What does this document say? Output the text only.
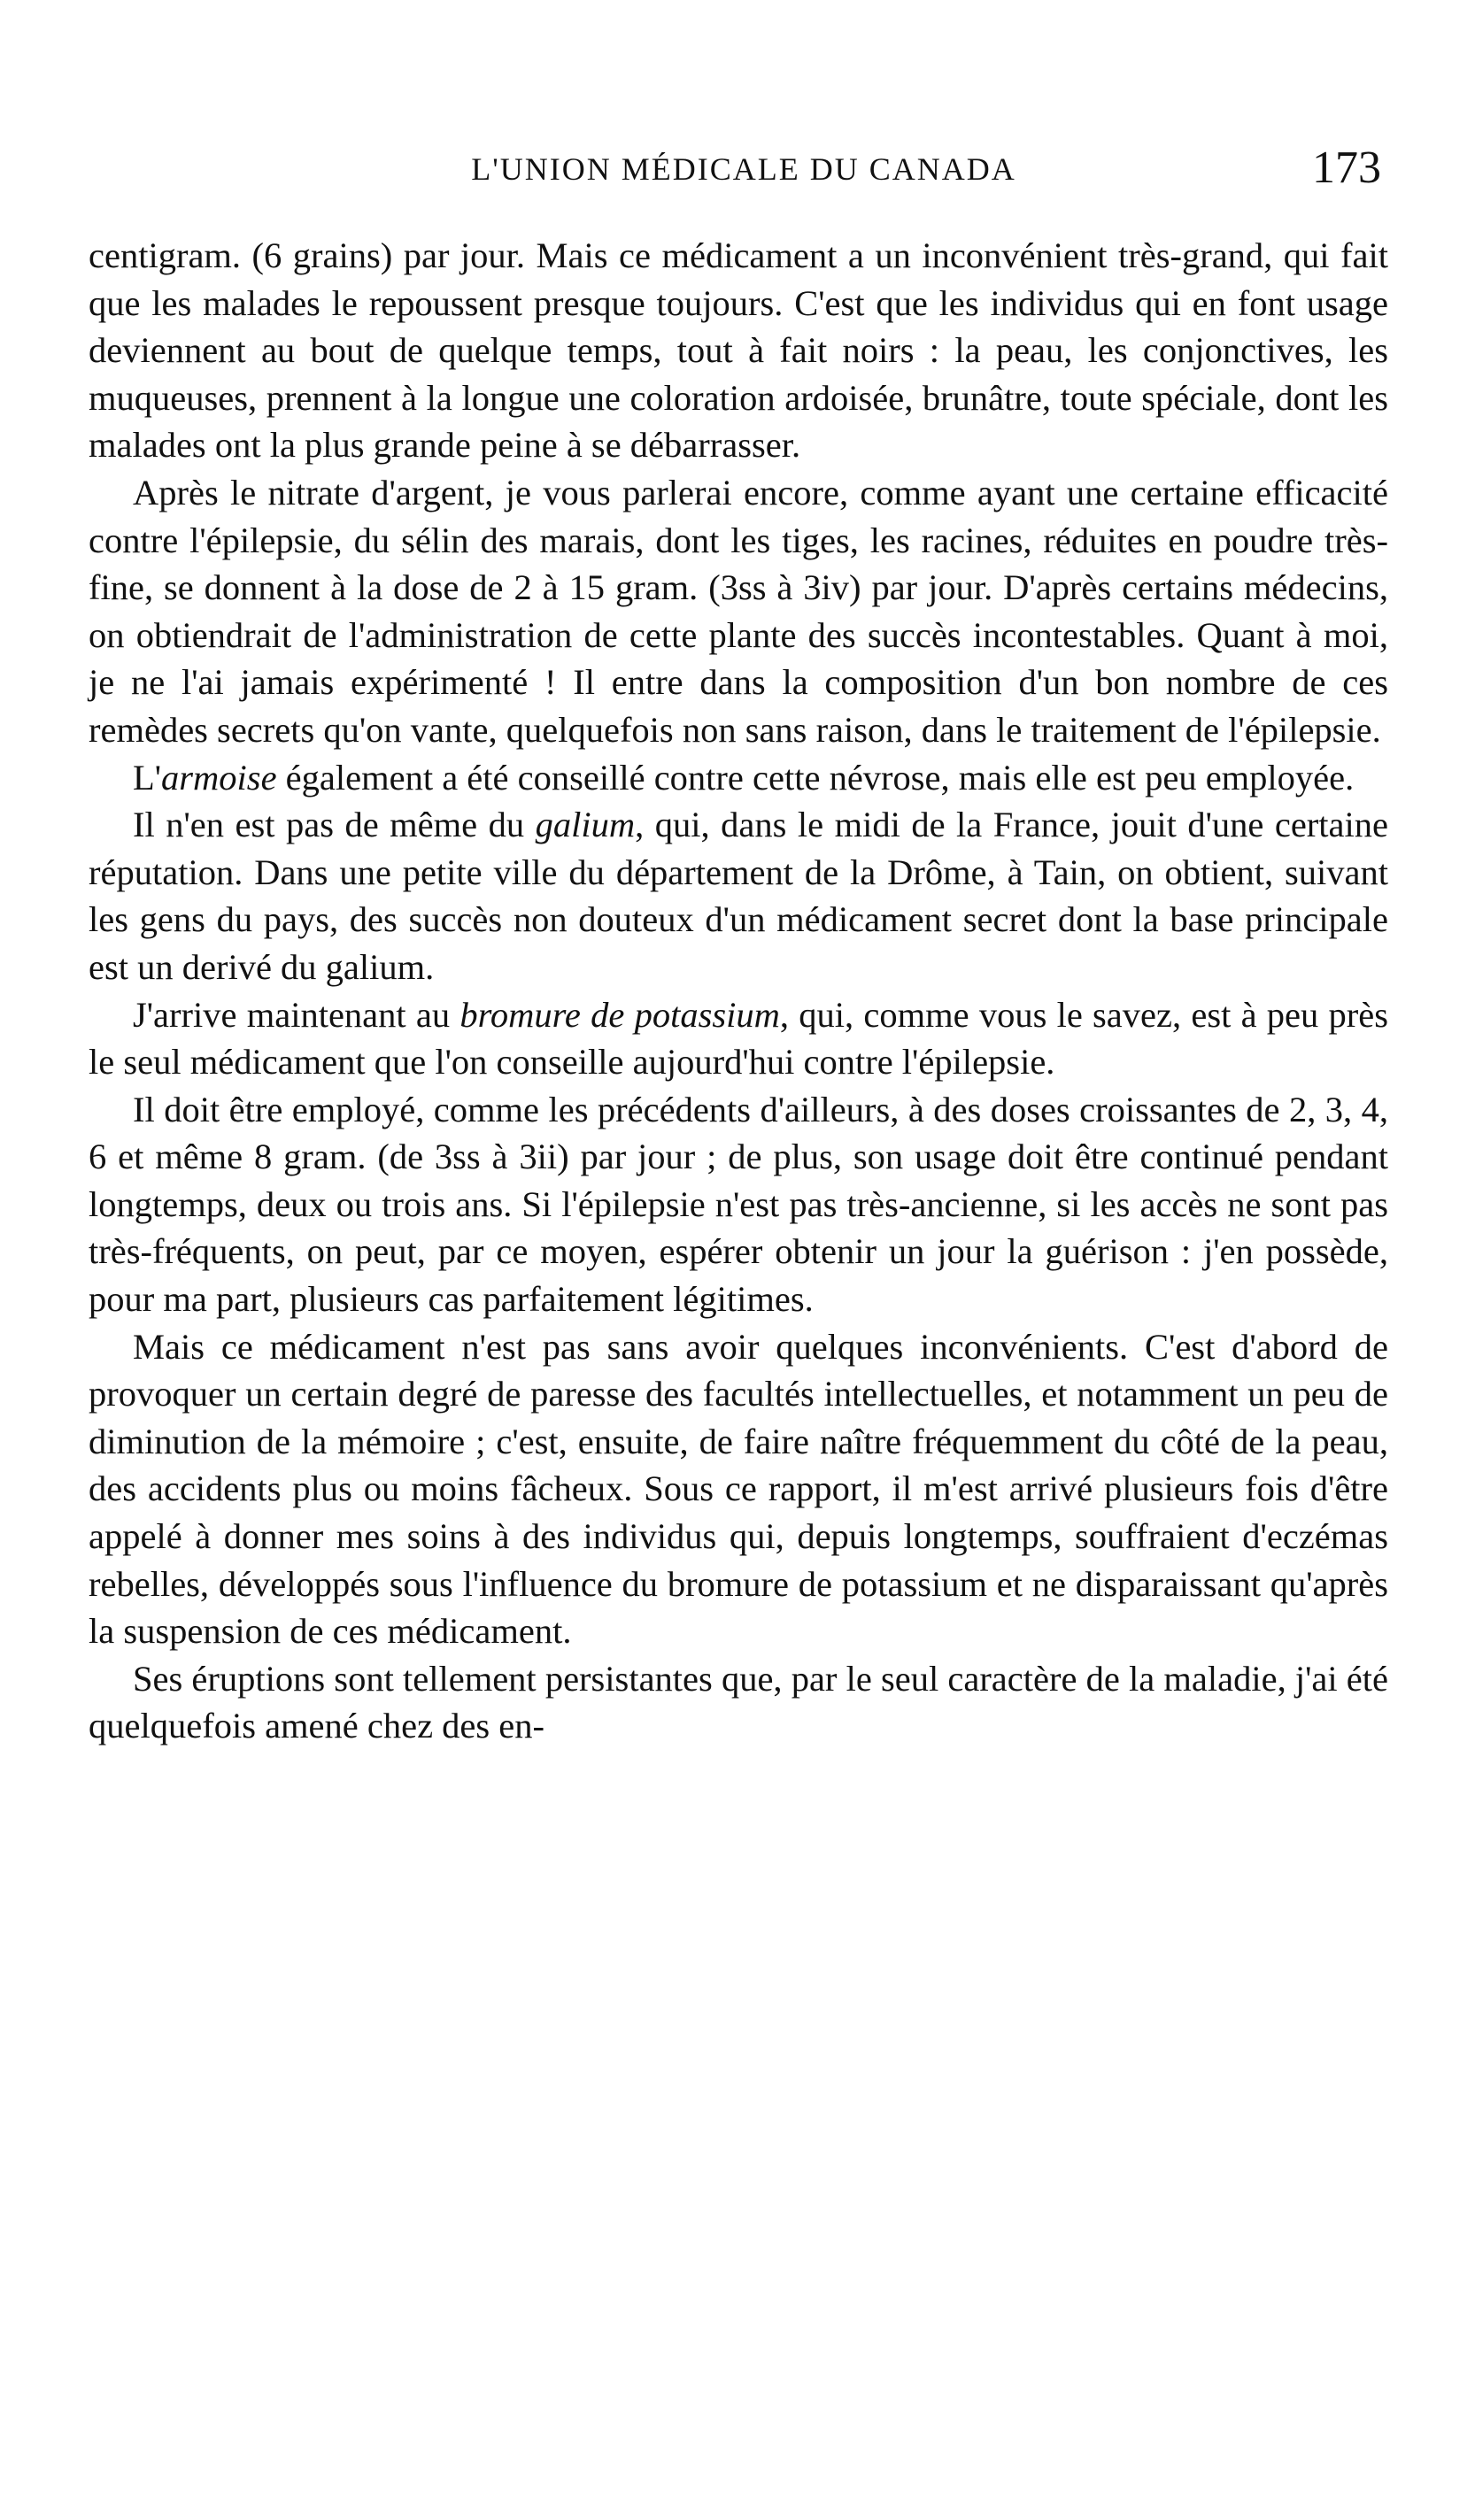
L'UNION MÉDICALE DU CANADA	173

centigram. (6 grains) par jour. Mais ce médicament a un inconvénient très-grand, qui fait que les malades le repoussent presque toujours. C'est que les individus qui en font usage deviennent au bout de quelque temps, tout à fait noirs : la peau, les conjonctives, les muqueuses, prennent à la longue une coloration ardoisée, brunâtre, toute spéciale, dont les malades ont la plus grande peine à se débarrasser.

Après le nitrate d'argent, je vous parlerai encore, comme ayant une certaine efficacité contre l'épilepsie, du sélin des marais, dont les tiges, les racines, réduites en poudre très-fine, se donnent à la dose de 2 à 15 gram. (3ss à 3iv) par jour. D'après certains médecins, on obtiendrait de l'administration de cette plante des succès incontestables. Quant à moi, je ne l'ai jamais expérimenté ! Il entre dans la composition d'un bon nombre de ces remèdes secrets qu'on vante, quelquefois non sans raison, dans le traitement de l'épilepsie.

L'armoise également a été conseillé contre cette névrose, mais elle est peu employée.

Il n'en est pas de même du galium, qui, dans le midi de la France, jouit d'une certaine réputation. Dans une petite ville du département de la Drôme, à Tain, on obtient, suivant les gens du pays, des succès non douteux d'un médicament secret dont la base principale est un derivé du galium.

J'arrive maintenant au bromure de potassium, qui, comme vous le savez, est à peu près le seul médicament que l'on conseille aujourd'hui contre l'épilepsie.

Il doit être employé, comme les précédents d'ailleurs, à des doses croissantes de 2, 3, 4, 6 et même 8 gram. (de 3ss à 3ii) par jour ; de plus, son usage doit être continué pendant longtemps, deux ou trois ans. Si l'épilepsie n'est pas très-ancienne, si les accès ne sont pas très-fréquents, on peut, par ce moyen, espérer obtenir un jour la guérison : j'en possède, pour ma part, plusieurs cas parfaitement légitimes.

Mais ce médicament n'est pas sans avoir quelques inconvénients. C'est d'abord de provoquer un certain degré de paresse des facultés intellectuelles, et notamment un peu de diminution de la mémoire ; c'est, ensuite, de faire naître fréquemment du côté de la peau, des accidents plus ou moins fâcheux. Sous ce rapport, il m'est arrivé plusieurs fois d'être appelé à donner mes soins à des individus qui, depuis longtemps, souffraient d'eczémas rebelles, développés sous l'influence du bromure de potassium et ne disparaissant qu'après la suspension de ces médicament.

Ses éruptions sont tellement persistantes que, par le seul caractère de la maladie, j'ai été quelquefois amené chez des en-
